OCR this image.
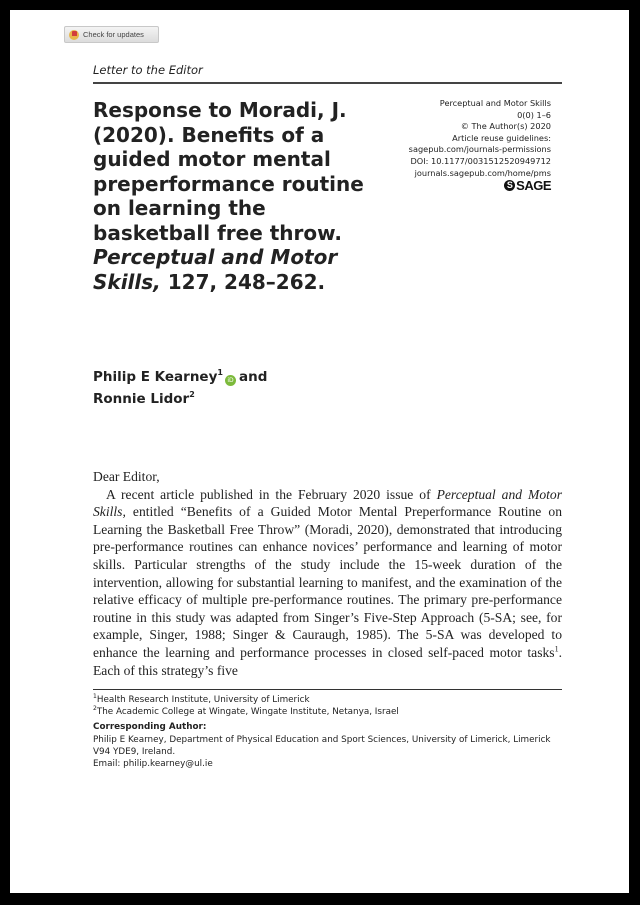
Check for updates
Letter to the Editor
Perceptual and Motor Skills
0(0) 1–6
© The Author(s) 2020
Article reuse guidelines:
sagepub.com/journals-permissions
DOI: 10.1177/0031512520949712
journals.sagepub.com/home/pms
S SAGE
Response to Moradi, J. (2020). Benefits of a guided motor mental preperformance routine on learning the basketball free throw. Perceptual and Motor Skills, 127, 248–262.
Philip E Kearney$^1$iD and
Ronnie Lidor$^2$

Dear Editor,

A recent article published in the February 2020 issue of Perceptual and Motor Skills, entitled “Benefits of a Guided Motor Mental Preperformance Routine on Learning the Basketball Free Throw” (Moradi, 2020), demonstrated that introducing pre-performance routines can enhance novices’ performance and learning of motor skills. Particular strengths of the study include the 15-week duration of the intervention, allowing for substantial learning to manifest, and the examination of the relative efficacy of multiple pre-performance routines. The primary pre-performance routine in this study was adapted from Singer’s Five-Step Approach (5-SA; see, for example, Singer, 1988; Singer & Cauraugh, 1985). The 5-SA was developed to enhance the learning and performance processes in closed self-paced motor tasks$^1$. Each of this strategy’s five

$^1$Health Research Institute, University of Limerick
$^2$The Academic College at Wingate, Wingate Institute, Netanya, Israel
Corresponding Author:
Philip E Kearney, Department of Physical Education and Sport Sciences, University of Limerick, Limerick V94 YDE9, Ireland.
Email: philip.kearney@ul.ie
